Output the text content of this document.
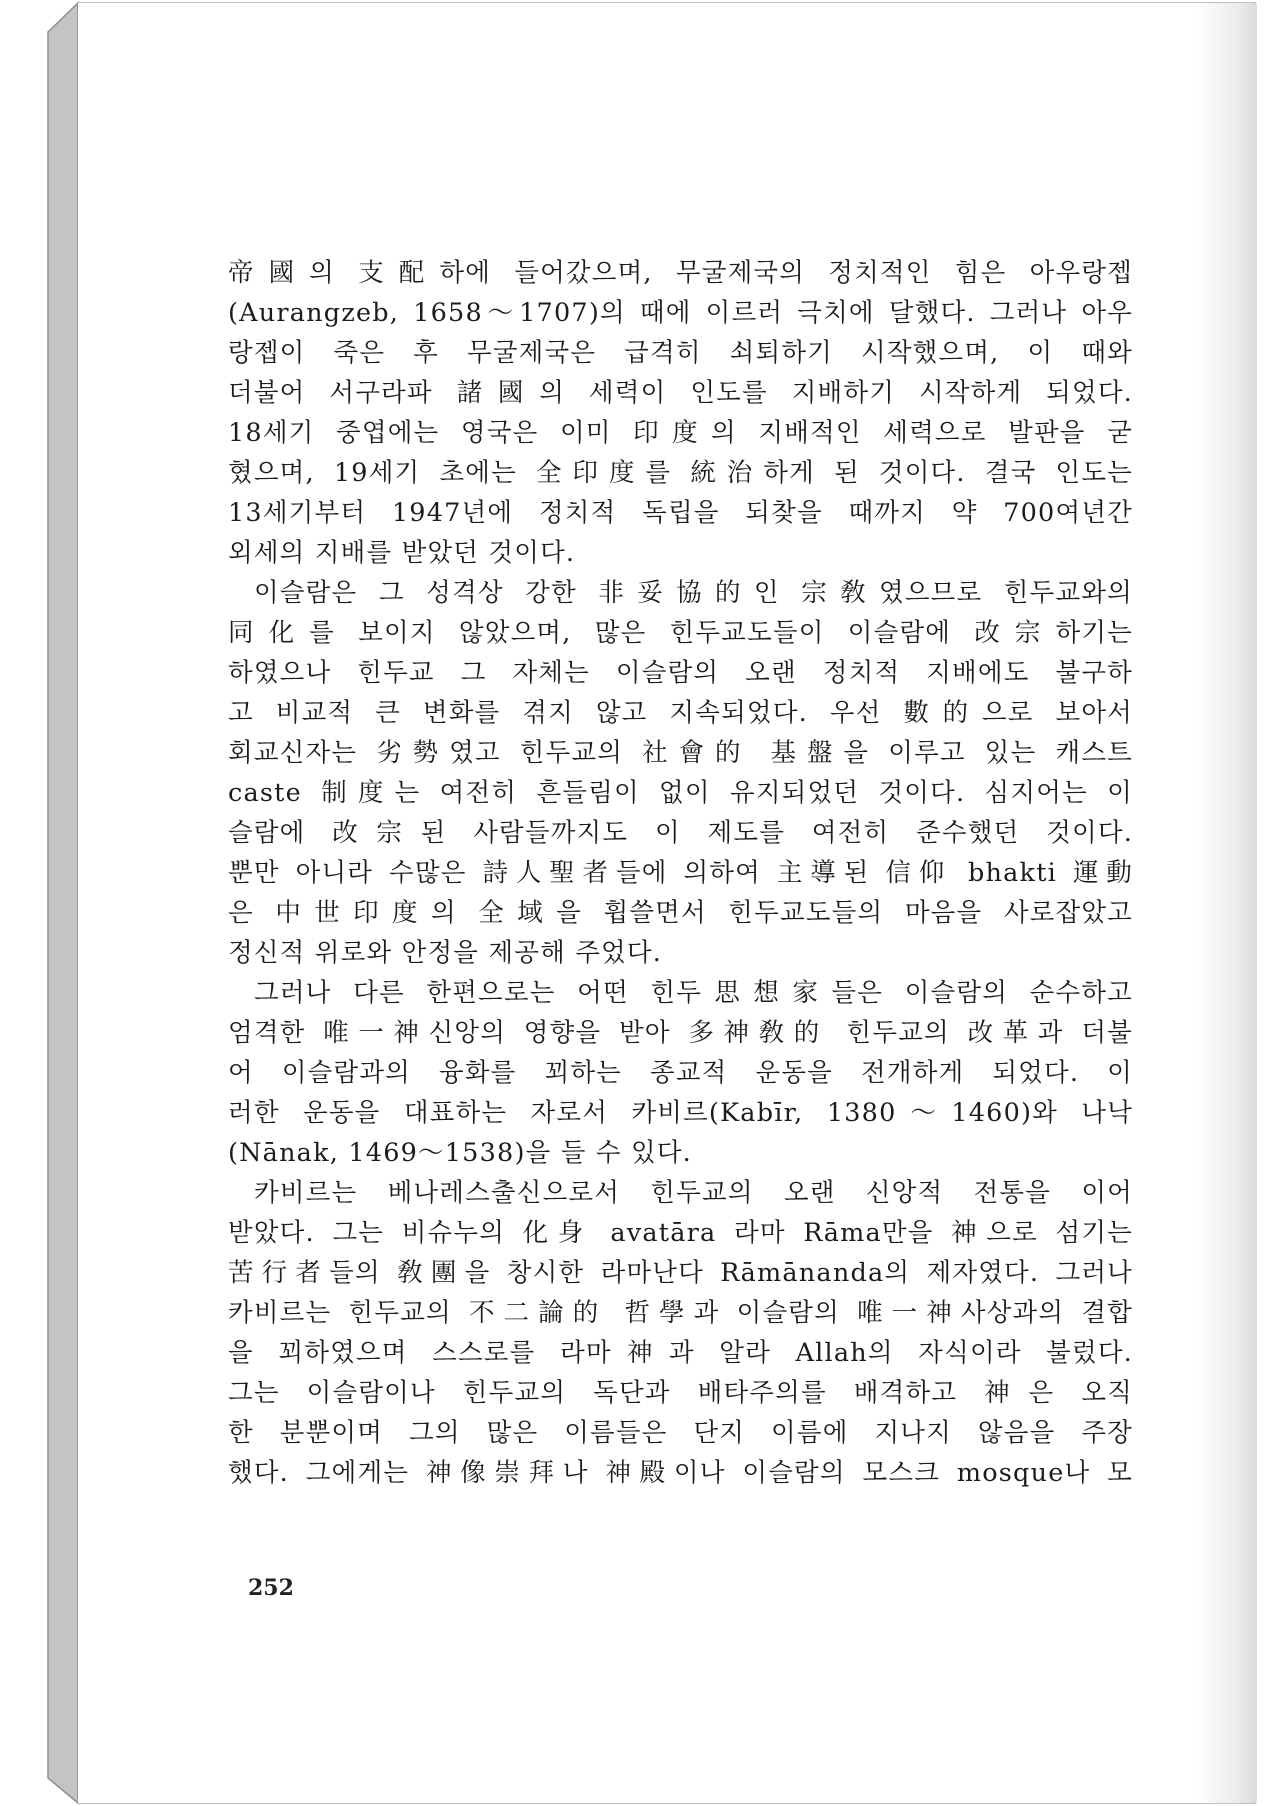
帝國의 支配하에 들어갔으며, 무굴제국의 정치적인 힘은 아우랑젭
(Aurangzeb, 1658～1707)의 때에 이르러 극치에 달했다. 그러나 아우
랑젭이 죽은 후 무굴제국은 급격히 쇠퇴하기 시작했으며, 이 때와
더불어 서구라파 諸國의 세력이 인도를 지배하기 시작하게 되었다.
18세기 중엽에는 영국은 이미 印度의 지배적인 세력으로 발판을 굳
혔으며, 19세기 초에는 全印度를 統治하게 된 것이다. 결국 인도는
13세기부터 1947년에 정치적 독립을 되찾을 때까지 약 700여년간
외세의 지배를 받았던 것이다.
이슬람은 그 성격상 강한 非妥協的인 宗敎였으므로 힌두교와의
同化를 보이지 않았으며, 많은 힌두교도들이 이슬람에 改宗하기는
하였으나 힌두교 그 자체는 이슬람의 오랜 정치적 지배에도 불구하
고 비교적 큰 변화를 겪지 않고 지속되었다. 우선 數的으로 보아서
회교신자는 劣勢였고 힌두교의 社會的 基盤을 이루고 있는 캐스트
caste 制度는 여전히 흔들림이 없이 유지되었던 것이다. 심지어는 이
슬람에 改宗된 사람들까지도 이 제도를 여전히 준수했던 것이다.
뿐만 아니라 수많은 詩人聖者들에 의하여 主導된 信仰 bhakti 運動
은 中世印度의 全域을 휩쓸면서 힌두교도들의 마음을 사로잡았고
정신적 위로와 안정을 제공해 주었다.
그러나 다른 한편으로는 어떤 힌두思想家들은 이슬람의 순수하고
엄격한 唯一神신앙의 영향을 받아 多神敎的 힌두교의 改革과 더불
어 이슬람과의 융화를 꾀하는 종교적 운동을 전개하게 되었다. 이
러한 운동을 대표하는 자로서 카비르(Kabīr, 1380～1460)와 나낙
(Nānak, 1469～1538)을 들 수 있다.
카비르는 베나레스출신으로서 힌두교의 오랜 신앙적 전통을 이어
받았다. 그는 비슈누의 化身 avatāra 라마 Rāma만을 神으로 섬기는
苦行者들의 敎團을 창시한 라마난다 Rāmānanda의 제자였다. 그러나
카비르는 힌두교의 不二論的 哲學과 이슬람의 唯一神사상과의 결합
을 꾀하였으며 스스로를 라마神과 알라 Allah의 자식이라 불렀다.
그는 이슬람이나 힌두교의 독단과 배타주의를 배격하고 神은 오직
한 분뿐이며 그의 많은 이름들은 단지 이름에 지나지 않음을 주장
했다. 그에게는 神像崇拜나 神殿이나 이슬람의 모스크 mosque나 모
252
